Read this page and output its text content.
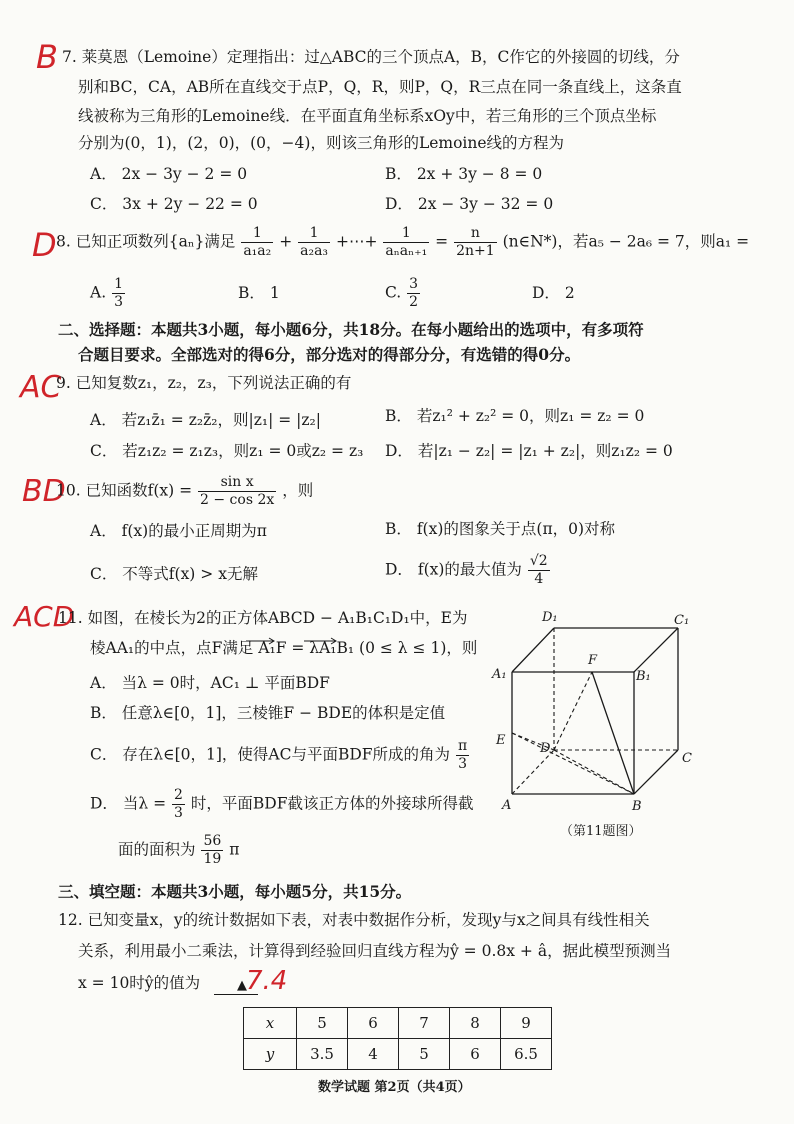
B 7. 莱莫恩（Lemoine）定理指出：过△ABC的三个顶点A，B，C作它的外接圆的切线，分
别和BC，CA，AB所在直线交于点P，Q，R，则P，Q，R三点在同一条直线上，这条直
线被称为三角形的Lemoine线．在平面直角坐标系xOy中，若三角形的三个顶点坐标
分别为(0，1)，(2，0)，(0，−4)，则该三角形的Lemoine线的方程为
A． 2x − 3y − 2 = 0	B． 2x + 3y − 8 = 0
C． 3x + 2y − 22 = 0	D． 2x − 3y − 32 = 0
D 8. 已知正项数列{aₙ}满足 $\frac{1}{\text{a₁a₂}} + \frac{1}{\text{a₂a₃}}$ +⋯+ $\frac{1}{\text{aₙaₙ₊₁}} = \frac{n}{2n+1}$ (n∈N*)，若a₅ − 2a₆ = 7，则a₁ =
A. $\frac{1}{3}$	B． 1	C. $\frac{3}{2}$	D． 2
二、选择题：本题共3小题，每小题6分，共18分。在每小题给出的选项中，有多项符
合题目要求。全部选对的得6分，部分选对的得部分分，有选错的得0分。
AC
9. 已知复数z₁，z₂，z₃，下列说法正确的有
A． 若z₁z̄₁ = z₂z̄₂，则|z₁| = |z₂|	B． 若z₁² + z₂² = 0，则z₁ = z₂ = 0
C． 若z₁z₂ = z₁z₃，则z₁ = 0或z₂ = z₃ D． 若|z₁ − z₂| = |z₁ + z₂|，则z₁z₂ = 0
BD
10. 已知函数$f(x) = \frac{\text{sin x}}{2 - \cos 2x}$ ，则
A． f(x)的最小正周期为π	B． f(x)的图象关于点(π，0)对称
C． 不等式f(x) > x无解	D． f(x)的最大值为 $\frac{√2}{4}$
ACD
11. 如图，在棱长为2的正方体ABCD − A₁B₁C₁D₁中，E为
棱AA₁的中点，点F满足 A₁F = λA₁B₁ (0 ≤ λ ≤ 1)，则
A． 当λ = 0时，AC₁ ⊥ 平面BDF
B． 任意λ∈[0，1]，三棱锥F − BDE的体积是定值
C． 存在λ∈[0，1]，使得AC与平面BDF所成的角为 $\frac{\pi}{3}$
D． 当$\lambda = \frac{2}{3}$ 时，平面BDF截该正方体的外接球所得截
面的面积为 $\frac{56}{19}$ π
D₁	C₁
F
A₁	B₁
E
D
C
A	B
（第11题图）
三、填空题：本题共3小题，每小题5分，共15分。
12. 已知变量x，y的统计数据如下表，对表中数据作分析，发现y与x之间具有线性相关
关系，利用最小二乘法，计算得到经验回归直线方程为ŷ = 0.8x + â，据此模型预测当
x = 10时ŷ的值为	▲ 7.4
x	5	6	7	8	9
y	3.5	4	5	6	6.5
数学试题 第2页（共4页）
